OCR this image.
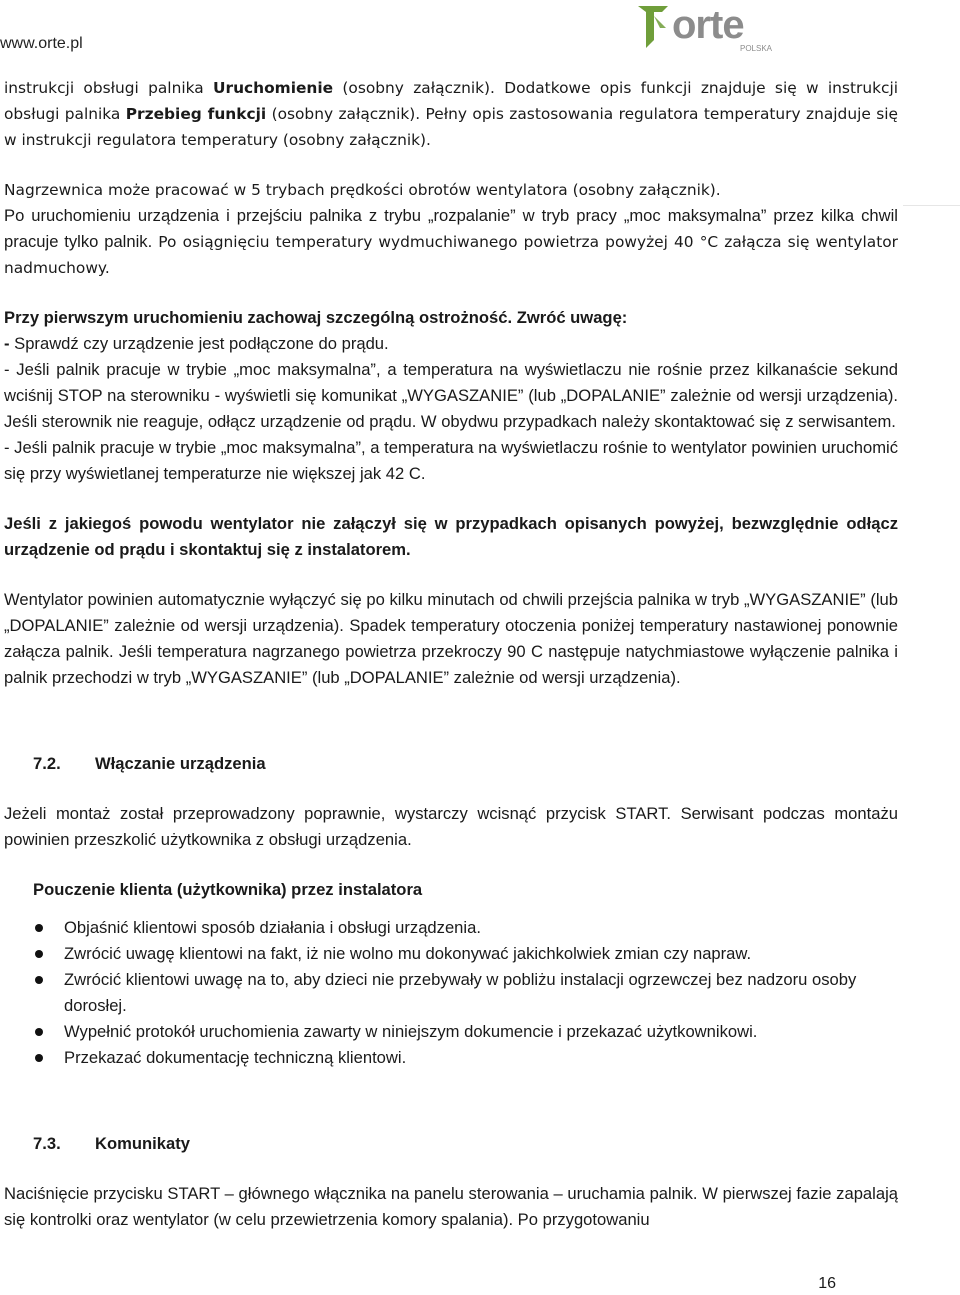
www.orte.pl	orte
POLSKA

instrukcji obsługi palnika Uruchomienie (osobny załącznik). Dodatkowe opis funkcji znajduje się w instrukcji obsługi palnika Przebieg funkcji (osobny załącznik). Pełny opis zastosowania regulatora temperatury znajduje się w instrukcji regulatora temperatury (osobny załącznik).

Nagrzewnica może pracować w 5 trybach prędkości obrotów wentylatora (osobny załącznik).

Po uruchomieniu urządzenia i przejściu palnika z trybu „rozpalanie” w tryb pracy „moc maksymalna” przez kilka chwil pracuje tylko palnik. Po osiągnięciu temperatury wydmuchiwanego powietrza powyżej 40 °C załącza się wentylator nadmuchowy.

Przy pierwszym uruchomieniu zachowaj szczególną ostrożność. Zwróć uwagę:

- Sprawdź czy urządzenie jest podłączone do prądu.

- Jeśli palnik pracuje w trybie „moc maksymalna”, a temperatura na wyświetlaczu nie rośnie przez kilkanaście sekund wciśnij STOP na sterowniku - wyświetli się komunikat „WYGASZANIE” (lub „DOPALANIE” zależnie od wersji urządzenia). Jeśli sterownik nie reaguje, odłącz urządzenie od prądu. W obydwu przypadkach należy skontaktować się z serwisantem.

- Jeśli palnik pracuje w trybie „moc maksymalna”, a temperatura na wyświetlaczu rośnie to wentylator powinien uruchomić się przy wyświetlanej temperaturze nie większej jak 42 C.

Jeśli z jakiegoś powodu wentylator nie załączył się w przypadkach opisanych powyżej, bezwzględnie odłącz urządzenie od prądu i skontaktuj się z instalatorem.

Wentylator powinien automatycznie wyłączyć się po kilku minutach od chwili przejścia palnika w tryb „WYGASZANIE” (lub „DOPALANIE” zależnie od wersji urządzenia). Spadek temperatury otoczenia poniżej temperatury nastawionej ponownie załącza palnik. Jeśli temperatura nagrzanego powietrza przekroczy 90 C następuje natychmiastowe wyłączenie palnika i palnik przechodzi w tryb „WYGASZANIE” (lub „DOPALANIE” zależnie od wersji urządzenia).

7.2.	Włączanie urządzenia

Jeżeli montaż został przeprowadzony poprawnie, wystarczy wcisnąć przycisk START. Serwisant podczas montażu powinien przeszkolić użytkownika z obsługi urządzenia.

Pouczenie klienta (użytkownika) przez instalatora

Objaśnić klientowi sposób działania i obsługi urządzenia.
Zwrócić uwagę klientowi na fakt, iż nie wolno mu dokonywać jakichkolwiek zmian czy napraw.
Zwrócić klientowi uwagę na to, aby dzieci nie przebywały w pobliżu instalacji ogrzewczej bez nadzoru osoby dorosłej.
Wypełnić protokół uruchomienia zawarty w niniejszym dokumencie i przekazać użytkownikowi.
Przekazać dokumentację techniczną klientowi.
7.3.	Komunikaty

Naciśnięcie przycisku START – głównego włącznika na panelu sterowania – uruchamia palnik. W pierwszej fazie zapalają się kontrolki oraz wentylator (w celu przewietrzenia komory spalania). Po przygotowaniu

16
